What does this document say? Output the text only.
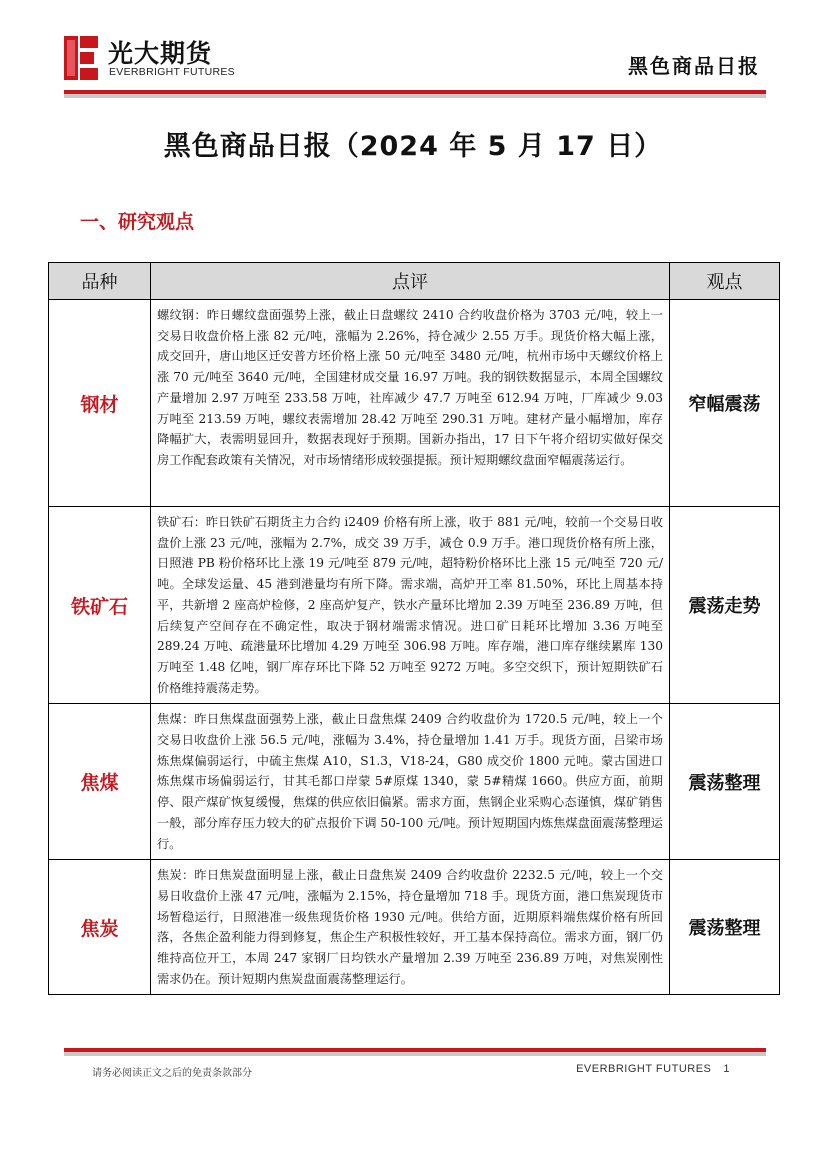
光大期货
EVERBRIGHT FUTURES	黑色商品日报
黑色商品日报（2024 年 5 月 17 日）
一、研究观点
品种	点评	观点
钢材	螺纹钢：昨日螺纹盘面强势上涨，截止日盘螺纹 2410 合约收盘价格为 3703 元/吨，较上一交易日收盘价格上涨 82 元/吨，涨幅为 2.26%，持仓减少 2.55 万手。现货价格大幅上涨，成交回升，唐山地区迁安普方坯价格上涨 50 元/吨至 3480 元/吨，杭州市场中天螺纹价格上涨 70 元/吨至 3640 元/吨，全国建材成交量 16.97 万吨。我的钢铁数据显示，本周全国螺纹产量增加 2.97 万吨至 233.58 万吨，社库减少 47.7 万吨至 612.94 万吨，厂库减少 9.03 万吨至 213.59 万吨，螺纹表需增加 28.42 万吨至 290.31 万吨。建材产量小幅增加，库存降幅扩大，表需明显回升，数据表现好于预期。国新办指出，17 日下午将介绍切实做好保交房工作配套政策有关情况，对市场情绪形成较强提振。预计短期螺纹盘面窄幅震荡运行。	窄幅震荡
铁矿石	铁矿石：昨日铁矿石期货主力合约 i2409 价格有所上涨，收于 881 元/吨，较前一个交易日收盘价上涨 23 元/吨，涨幅为 2.7%，成交 39 万手，减仓 0.9 万手。港口现货价格有所上涨，日照港 PB 粉价格环比上涨 19 元/吨至 879 元/吨，超特粉价格环比上涨 15 元/吨至 720 元/吨。全球发运量、45 港到港量均有所下降。需求端，高炉开工率 81.50%，环比上周基本持平，共新增 2 座高炉检修，2 座高炉复产，铁水产量环比增加 2.39 万吨至 236.89 万吨，但后续复产空间存在不确定性，取决于钢材端需求情况。进口矿日耗环比增加 3.36 万吨至 289.24 万吨、疏港量环比增加 4.29 万吨至 306.98 万吨。库存端，港口库存继续累库 130 万吨至 1.48 亿吨，钢厂库存环比下降 52 万吨至 9272 万吨。多空交织下，预计短期铁矿石价格维持震荡走势。	震荡走势
焦煤	焦煤：昨日焦煤盘面强势上涨，截止日盘焦煤 2409 合约收盘价为 1720.5 元/吨，较上一个交易日收盘价上涨 56.5 元/吨，涨幅为 3.4%，持仓量增加 1.41 万手。现货方面，吕梁市场炼焦煤偏弱运行，中硫主焦煤 A10，S1.3，V18-24，G80 成交价 1800 元吨。蒙古国进口炼焦煤市场偏弱运行，甘其毛都口岸蒙 5#原煤 1340，蒙 5#精煤 1660。供应方面，前期停、限产煤矿恢复缓慢，焦煤的供应依旧偏紧。需求方面，焦钢企业采购心态谨慎，煤矿销售一般，部分库存压力较大的矿点报价下调 50-100 元/吨。预计短期国内炼焦煤盘面震荡整理运行。	震荡整理
焦炭	焦炭：昨日焦炭盘面明显上涨，截止日盘焦炭 2409 合约收盘价 2232.5 元/吨，较上一个交易日收盘价上涨 47 元/吨，涨幅为 2.15%，持仓量增加 718 手。现货方面，港口焦炭现货市场暂稳运行，日照港准一级焦现货价格 1930 元/吨。供给方面，近期原料端焦煤价格有所回落，各焦企盈利能力得到修复，焦企生产积极性较好，开工基本保持高位。需求方面，钢厂仍维持高位开工，本周 247 家钢厂日均铁水产量增加 2.39 万吨至 236.89 万吨，对焦炭刚性需求仍在。预计短期内焦炭盘面震荡整理运行。	震荡整理
请务必阅读正文之后的免责条款部分	EVERBRIGHT FUTURES 1
